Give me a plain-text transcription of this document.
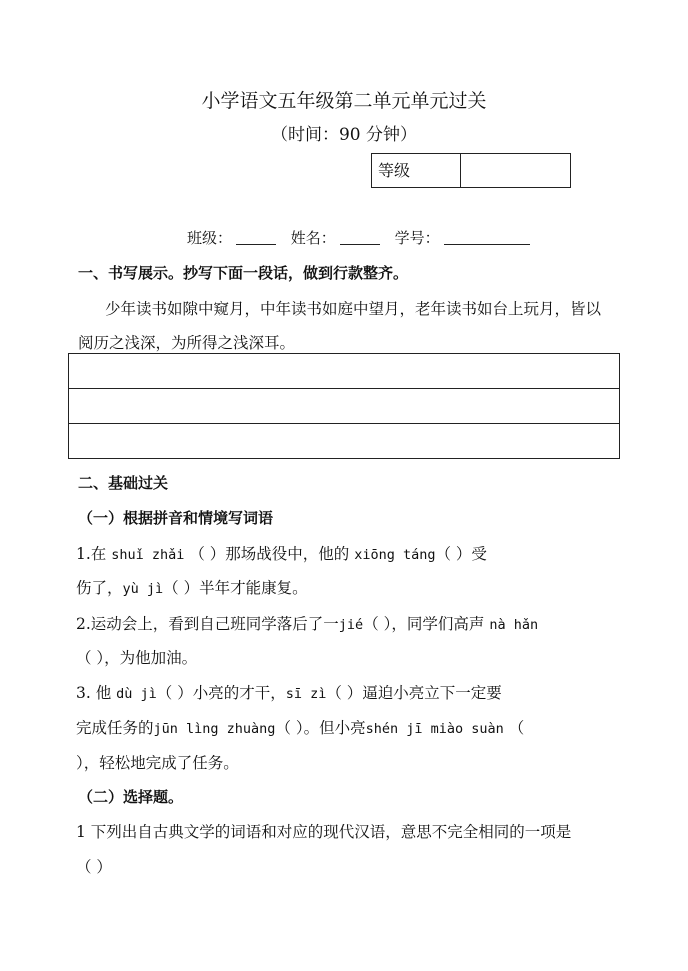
小学语文五年级第二单元单元过关
（时间：90 分钟）
等级
班级：	姓名：	学号：
一、书写展示。抄写下面一段话，做到行款整齐。
少年读书如隙中窥月，中年读书如庭中望月，老年读书如台上玩月，皆以
阅历之浅深，为所得之浅深耳。
二、基础过关
（一）根据拼音和情境写词语
1.在 shuǐ zhǎi （ ）那场战役中，他的 xiōng táng（ ）受
伤了，yù jì（ ）半年才能康复。
2.运动会上，看到自己班同学落后了一jié（ ），同学们高声 nà hǎn
（ ），为他加油。
3. 他 dù jì（ ）小亮的才干，sī zì（ ）逼迫小亮立下一定要
完成任务的jūn lìng zhuàng（ ）。但小亮shén jī miào suàn （
），轻松地完成了任务。
（二）选择题。
1 下列出自古典文学的词语和对应的现代汉语，意思不完全相同的一项是
（ ）
